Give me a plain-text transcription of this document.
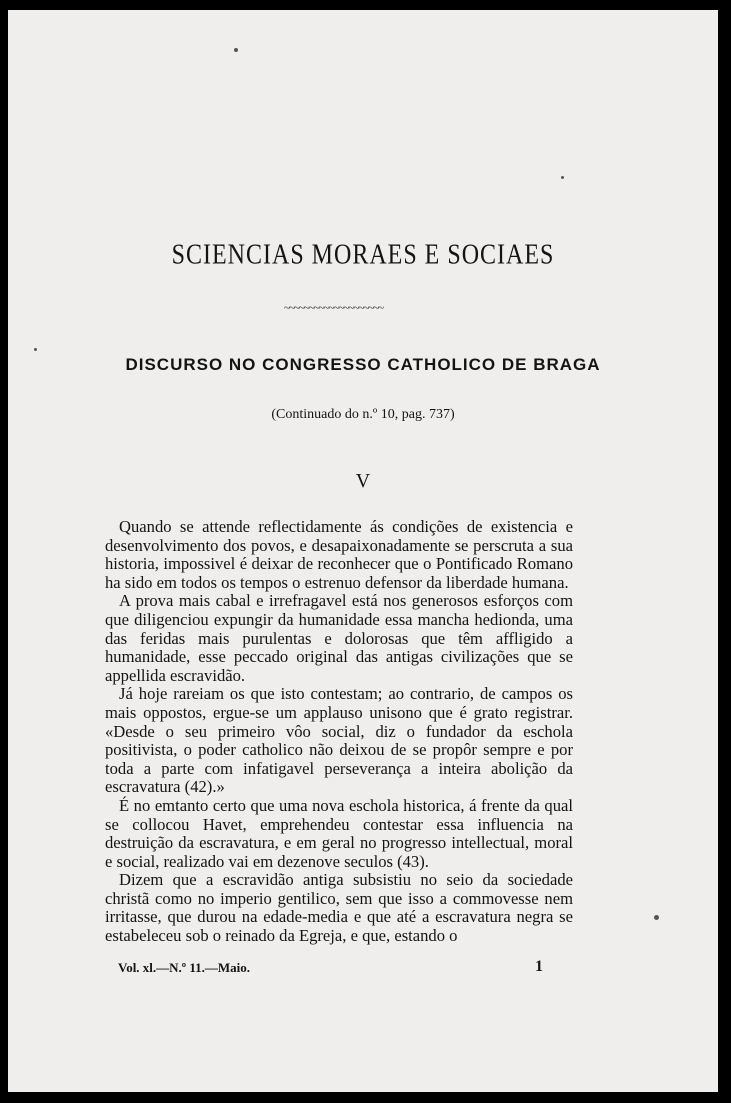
SCIENCIAS MORAES E SOCIAES
~~~~~~~~~~~~~~~~~~~~
DISCURSO NO CONGRESSO CATHOLICO DE BRAGA
(Continuado do n.º 10, pag. 737)
V

Quando se attende reflectidamente ás condições de existencia e desenvolvimento dos povos, e desapaixonadamente se perscruta a sua historia, impossivel é deixar de reconhecer que o Pontificado Romano ha sido em todos os tempos o estrenuo defensor da liberdade humana.

A prova mais cabal e irrefragavel está nos generosos esforços com que diligenciou expungir da humanidade essa mancha hedionda, uma das feridas mais purulentas e dolorosas que têm affligido a humanidade, esse peccado original das antigas civilizações que se appellida escravidão.

Já hoje rareiam os que isto contestam; ao contrario, de campos os mais oppostos, ergue-se um applauso unisono que é grato registrar. «Desde o seu primeiro vôo social, diz o fundador da eschola positivista, o poder catholico não deixou de se propôr sempre e por toda a parte com infatigavel perseverança a inteira abolição da escravatura (42).»

É no emtanto certo que uma nova eschola historica, á frente da qual se collocou Havet, emprehendeu contestar essa influencia na destruição da escravatura, e em geral no progresso intellectual, moral e social, realizado vai em dezenove seculos (43).

Dizem que a escravidão antiga subsistiu no seio da sociedade christã como no imperio gentilico, sem que isso a commovesse nem irritasse, que durou na edade-media e que até a escravatura negra se estabeleceu sob o reinado da Egreja, e que, estando o

Vol. xl.—N.º 11.—Maio.	1
